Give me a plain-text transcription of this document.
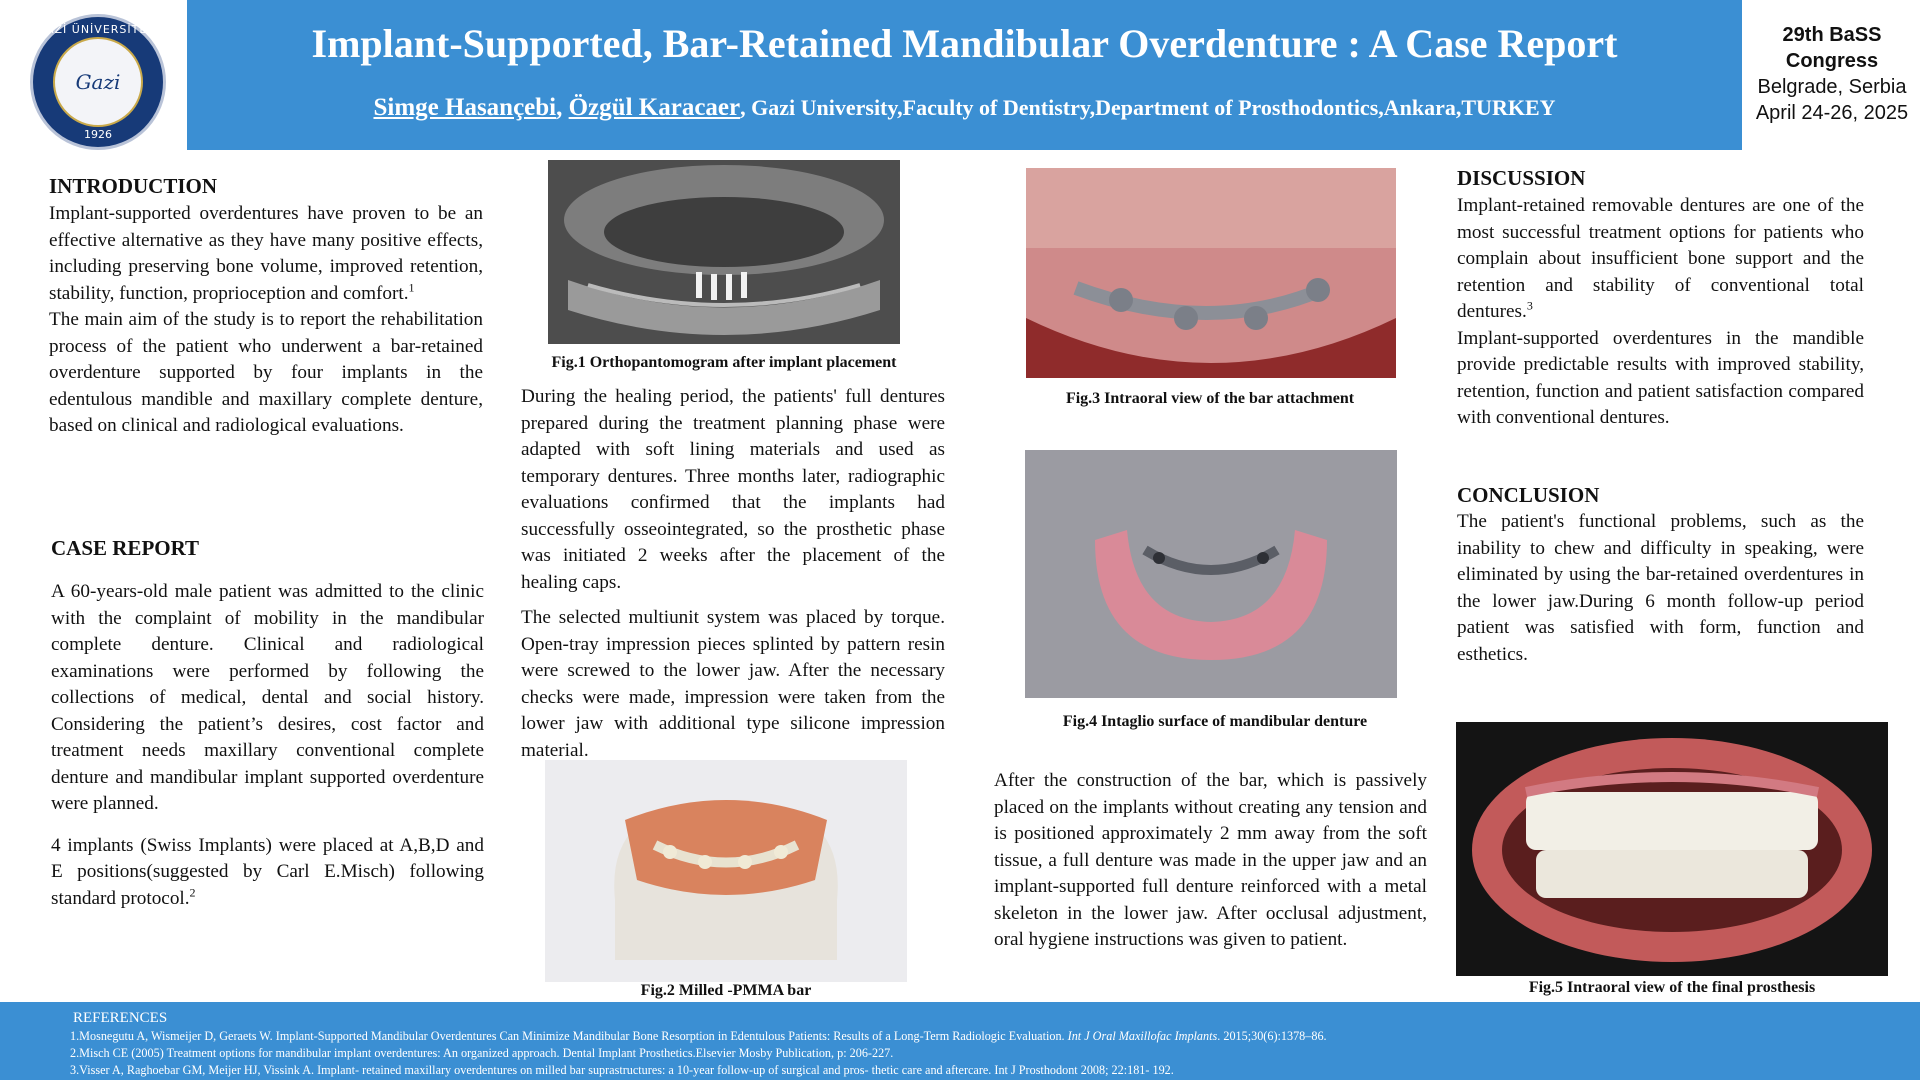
GAZİ ÜNİVERSİTESİ
Gazi
1926
Implant-Supported, Bar-Retained Mandibular Overdenture : A Case Report
Simge Hasançebi, Özgül Karacaer, Gazi University,Faculty of Dentistry,Department of Prosthodontics,Ankara,TURKEY
29th BaSS
Congress
Belgrade, Serbia
April 24-26, 2025
INTRODUCTION

Implant-supported overdentures have proven to be an effective alternative as they have many positive effects, including preserving bone volume, improved retention, stability, function, proprioception and comfort.$^1$

The main aim of the study is to report the rehabilitation process of the patient who underwent a bar-retained overdenture supported by four implants in the edentulous mandible and maxillary complete denture, based on clinical and radiological evaluations.

CASE REPORT

A 60-years-old male patient was admitted to the clinic with the complaint of mobility in the mandibular complete denture. Clinical and radiological examinations were performed by following the collections of medical, dental and social history. Considering the patient’s desires, cost factor and treatment needs maxillary conventional complete denture and mandibular implant supported overdenture were planned.

4 implants (Swiss Implants) were placed at A,B,D and E positions(suggested by Carl E.Misch) following standard protocol.$^2$

Fig.1 Orthopantomogram after implant placement

During the healing period, the patients' full dentures prepared during the treatment planning phase were adapted with soft lining materials and used as temporary dentures. Three months later, radiographic evaluations confirmed that the implants had successfully osseointegrated, so the prosthetic phase was initiated 2 weeks after the placement of the healing caps.

The selected multiunit system was placed by torque. Open-tray impression pieces splinted by pattern resin were screwed to the lower jaw. After the necessary checks were made, impression were taken from the lower jaw with additional type silicone impression material.

Fig.2 Milled -PMMA bar
Fig.3 Intraoral view of the bar attachment
Fig.4 Intaglio surface of mandibular denture

After the construction of the bar, which is passively placed on the implants without creating any tension and is positioned approximately 2 mm away from the soft tissue, a full denture was made in the upper jaw and an implant-supported full denture reinforced with a metal skeleton in the lower jaw. After occlusal adjustment, oral hygiene instructions was given to patient.

DISCUSSION

Implant-retained removable dentures are one of the most successful treatment options for patients who complain about insufficient bone support and the retention and stability of conventional total dentures.$^3$

Implant-supported overdentures in the mandible provide predictable results with improved stability, retention, function and patient satisfaction compared with conventional dentures.

CONCLUSION

The patient's functional problems, such as the inability to chew and difficulty in speaking, were eliminated by using the bar-retained overdentures in the lower jaw.During 6 month follow-up period patient was satisfied with form, function and esthetics.

Fig.5 Intraoral view of the final prosthesis
REFERENCES
1.Mosnegutu A, Wismeijer D, Geraets W. Implant-Supported Mandibular Overdentures Can Minimize Mandibular Bone Resorption in Edentulous Patients: Results of a Long-Term Radiologic Evaluation. Int J Oral Maxillofac Implants. 2015;30(6):1378–86.
2.Misch CE (2005) Treatment options for mandibular implant overdentures: An organized approach. Dental Implant Prosthetics.Elsevier Mosby Publication, p: 206-227.
3.Visser A, Raghoebar GM, Meijer HJ, Vissink A. Implant- retained maxillary overdentures on milled bar suprastructures: a 10-year follow-up of surgical and pros- thetic care and aftercare. Int J Prosthodont 2008; 22:181- 192.
